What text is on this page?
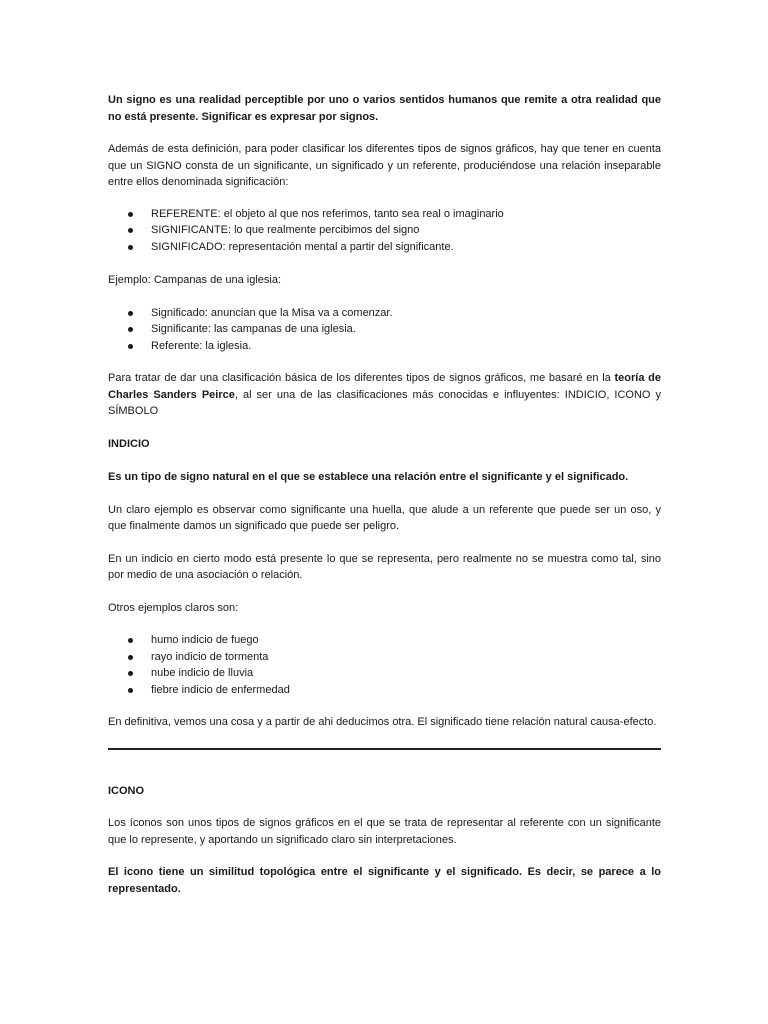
Un signo es una realidad perceptible por uno o varios sentidos humanos que remite a otra realidad que no está presente. Significar es expresar por signos.

Además de esta definición, para poder clasificar los diferentes tipos de signos gráficos, hay que tener en cuenta que un SIGNO consta de un significante, un significado y un referente, produciéndose una relación inseparable entre ellos denominada significación:

REFERENTE: el objeto al que nos referimos, tanto sea real o imaginario
SIGNIFICANTE: lo que realmente percibimos del signo
SIGNIFICADO: representación mental a partir del significante.

Ejemplo: Campanas de una iglesia:

Significado: anuncian que la Misa va a comenzar.
Significante: las campanas de una iglesia.
Referente: la iglesia.

Para tratar de dar una clasificación básica de los diferentes tipos de signos gráficos, me basaré en la teoría de Charles Sanders Peirce, al ser una de las clasificaciones más conocidas e influyentes: INDICIO, ICONO y SÍMBOLO

INDICIO

Es un tipo de signo natural en el que se establece una relación entre el significante y el significado.

Un claro ejemplo es observar como significante una huella, que alude a un referente que puede ser un oso, y que finalmente damos un significado que puede ser peligro.

En un indicio en cierto modo está presente lo que se representa, pero realmente no se muestra como tal, sino por medio de una asociación o relación.

Otros ejemplos claros son:

humo indicio de fuego
rayo indicio de tormenta
nube indicio de lluvia
fiebre indicio de enfermedad

En definitiva, vemos una cosa y a partir de ahi deducimos otra. El significado tiene relación natural causa-efecto.

ICONO

Los íconos son unos tipos de signos gráficos en el que se trata de representar al referente con un significante que lo represente, y aportando un significado claro sin interpretaciones.

El icono tiene un similitud topológica entre el significante y el significado. Es decir, se parece a lo representado.
